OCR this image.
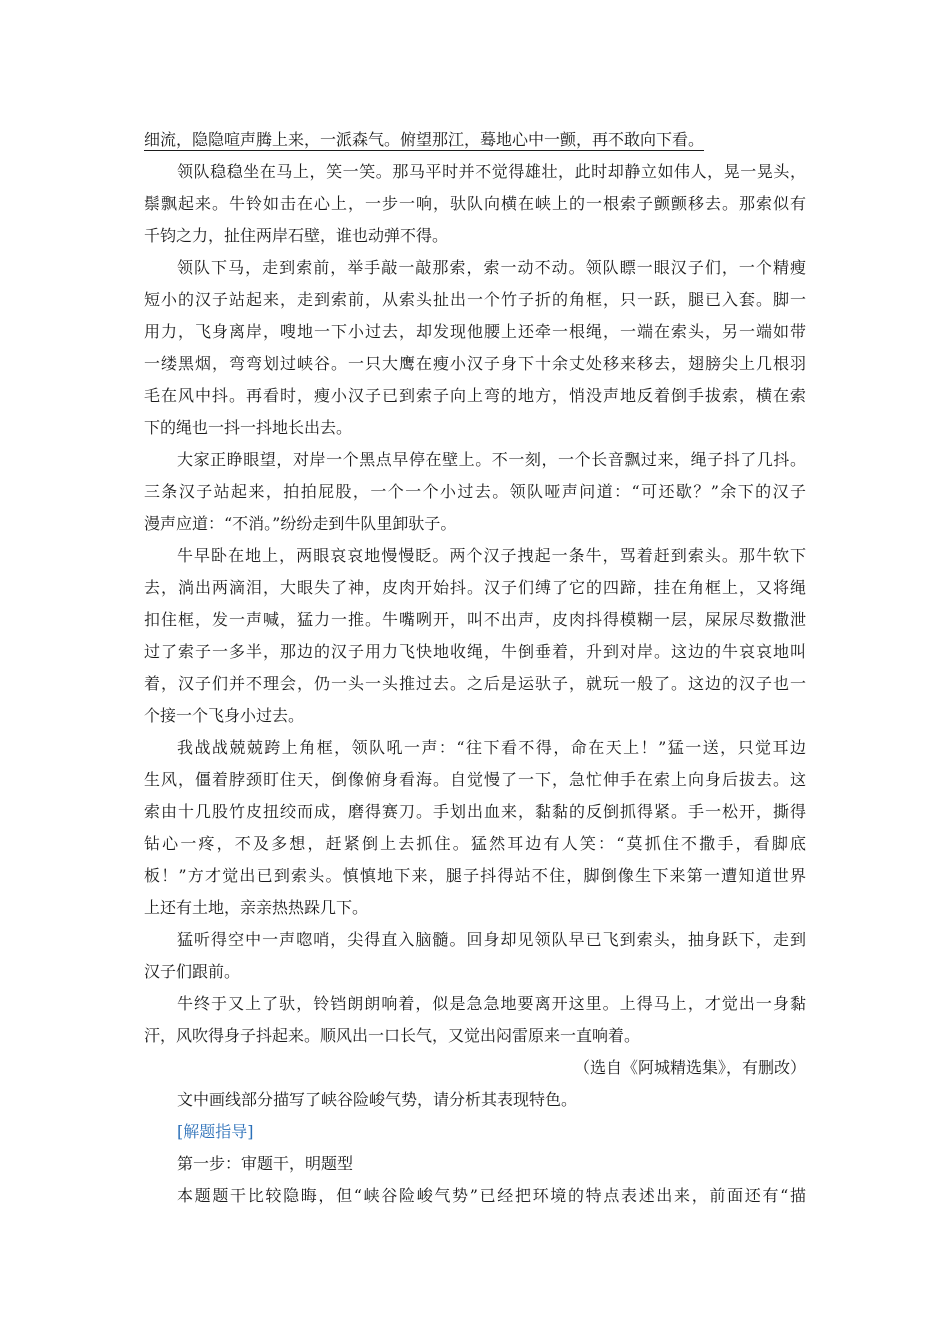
细流，隐隐喧声腾上来，一派森气。俯望那江，蓦地心中一颤，再不敢向下看。
领队稳稳坐在马上，笑一笑。那马平时并不觉得雄壮，此时却静立如伟人，晃一晃头，
鬃飘起来。牛铃如击在心上，一步一响，驮队向横在峡上的一根索子颤颤移去。那索似有
千钧之力，扯住两岸石壁，谁也动弹不得。
领队下马，走到索前，举手敲一敲那索，索一动不动。领队瞟一眼汉子们，一个精瘦
短小的汉子站起来，走到索前，从索头扯出一个竹子折的角框，只一跃，腿已入套。脚一
用力，飞身离岸，嗖地一下小过去，却发现他腰上还牵一根绳，一端在索头，另一端如带
一缕黑烟，弯弯划过峡谷。一只大鹰在瘦小汉子身下十余丈处移来移去，翅膀尖上几根羽
毛在风中抖。再看时，瘦小汉子已到索子向上弯的地方，悄没声地反着倒手拔索，横在索
下的绳也一抖一抖地长出去。
大家正睁眼望，对岸一个黑点早停在壁上。不一刻，一个长音飘过来，绳子抖了几抖。
三条汉子站起来，拍拍屁股，一个一个小过去。领队哑声问道：“可还歇？”余下的汉子
漫声应道：“不消。”纷纷走到牛队里卸驮子。
牛早卧在地上，两眼哀哀地慢慢眨。两个汉子拽起一条牛，骂着赶到索头。那牛软下
去，淌出两滴泪，大眼失了神，皮肉开始抖。汉子们缚了它的四蹄，挂在角框上，又将绳
扣住框，发一声喊，猛力一推。牛嘴咧开，叫不出声，皮肉抖得模糊一层，屎尿尽数撒泄
过了索子一多半，那边的汉子用力飞快地收绳，牛倒垂着，升到对岸。这边的牛哀哀地叫
着，汉子们并不理会，仍一头一头推过去。之后是运驮子，就玩一般了。这边的汉子也一
个接一个飞身小过去。
我战战兢兢跨上角框，领队吼一声：“往下看不得，命在天上！”猛一送，只觉耳边
生风，僵着脖颈盯住天，倒像俯身看海。自觉慢了一下，急忙伸手在索上向身后拔去。这
索由十几股竹皮扭绞而成，磨得赛刀。手划出血来，黏黏的反倒抓得紧。手一松开，撕得
钻心一疼，不及多想，赶紧倒上去抓住。猛然耳边有人笑：“莫抓住不撒手，看脚底
板！”方才觉出已到索头。慎慎地下来，腿子抖得站不住，脚倒像生下来第一遭知道世界
上还有土地，亲亲热热跺几下。
猛听得空中一声唿哨，尖得直入脑髓。回身却见领队早已飞到索头，抽身跃下，走到
汉子们跟前。
牛终于又上了驮，铃铛朗朗响着，似是急急地要离开这里。上得马上，才觉出一身黏
汗，风吹得身子抖起来。顺风出一口长气，又觉出闷雷原来一直响着。
（选自《阿城精选集》，有删改）
文中画线部分描写了峡谷险峻气势，请分析其表现特色。
[解题指导]
第一步：审题干，明题型
本题题干比较隐晦，但“峡谷险峻气势”已经把环境的特点表述出来，前面还有“描
